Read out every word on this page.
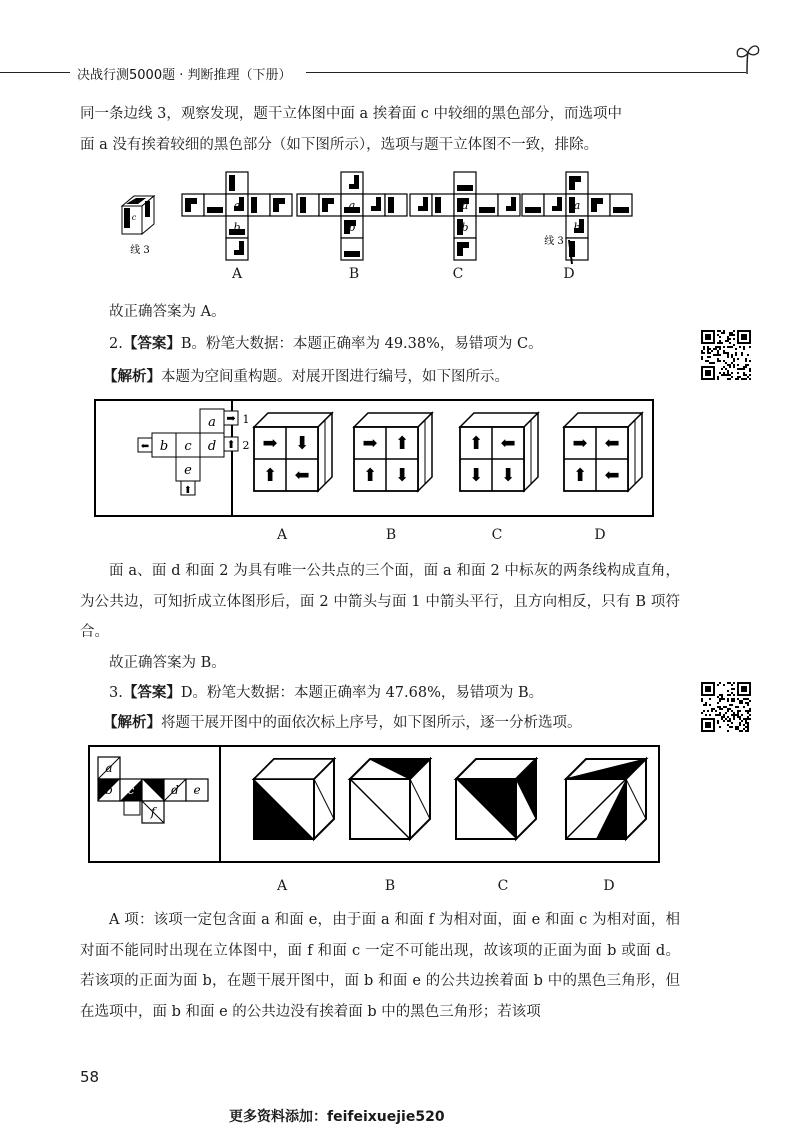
决战行测5000题 · 判断推理（下册）
同一条边线 3，观察发现，题干立体图中面 a 挨着面 c 中较细的黑色部分，而选项中
面 a 没有挨着较细的黑色部分（如下图所示），选项与题干立体图不一致，排除。
a
c
线 3
a
b
a
b
a
b
a
b
线 3
A	B	C	D
故正确答案为 A。
2.【答案】B。粉笔大数据：本题正确率为 49.38%，易错项为 C。
【解析】本题为空间重构题。对展开图进行编号，如下图所示。
a
b c d
e
1
2
➡
⬆
⬅
⬆
➡ ⬇
⬆ ⬅
➡ ⬆
⬆ ⬇
⬆ ⬅
⬇ ⬇
➡ ⬅
⬆ ⬅
A	B	C	D
面 a、面 d 和面 2 为具有唯一公共点的三个面，面 a 和面 2 中标灰的两条线构成直角，为公共边，可知折成立体图形后，面 2 中箭头与面 1 中箭头平行，且方向相反，只有 B 项符合。
故正确答案为 B。
3.【答案】D。粉笔大数据：本题正确率为 47.68%，易错项为 B。
【解析】将题干展开图中的面依次标上序号，如下图所示，逐一分析选项。
a
b c	d e
f
A	B	C	D
A 项：该项一定包含面 a 和面 e，由于面 a 和面 f 为相对面，面 e 和面 c 为相对面，相对面不能同时出现在立体图中，面 f 和面 c 一定不可能出现，故该项的正面为面 b 或面 d。若该项的正面为面 b，在题干展开图中，面 b 和面 e 的公共边挨着面 b 中的黑色三角形，但在选项中，面 b 和面 e 的公共边没有挨着面 b 中的黑色三角形；若该项
58
更多资料添加：feifeixuejie520
